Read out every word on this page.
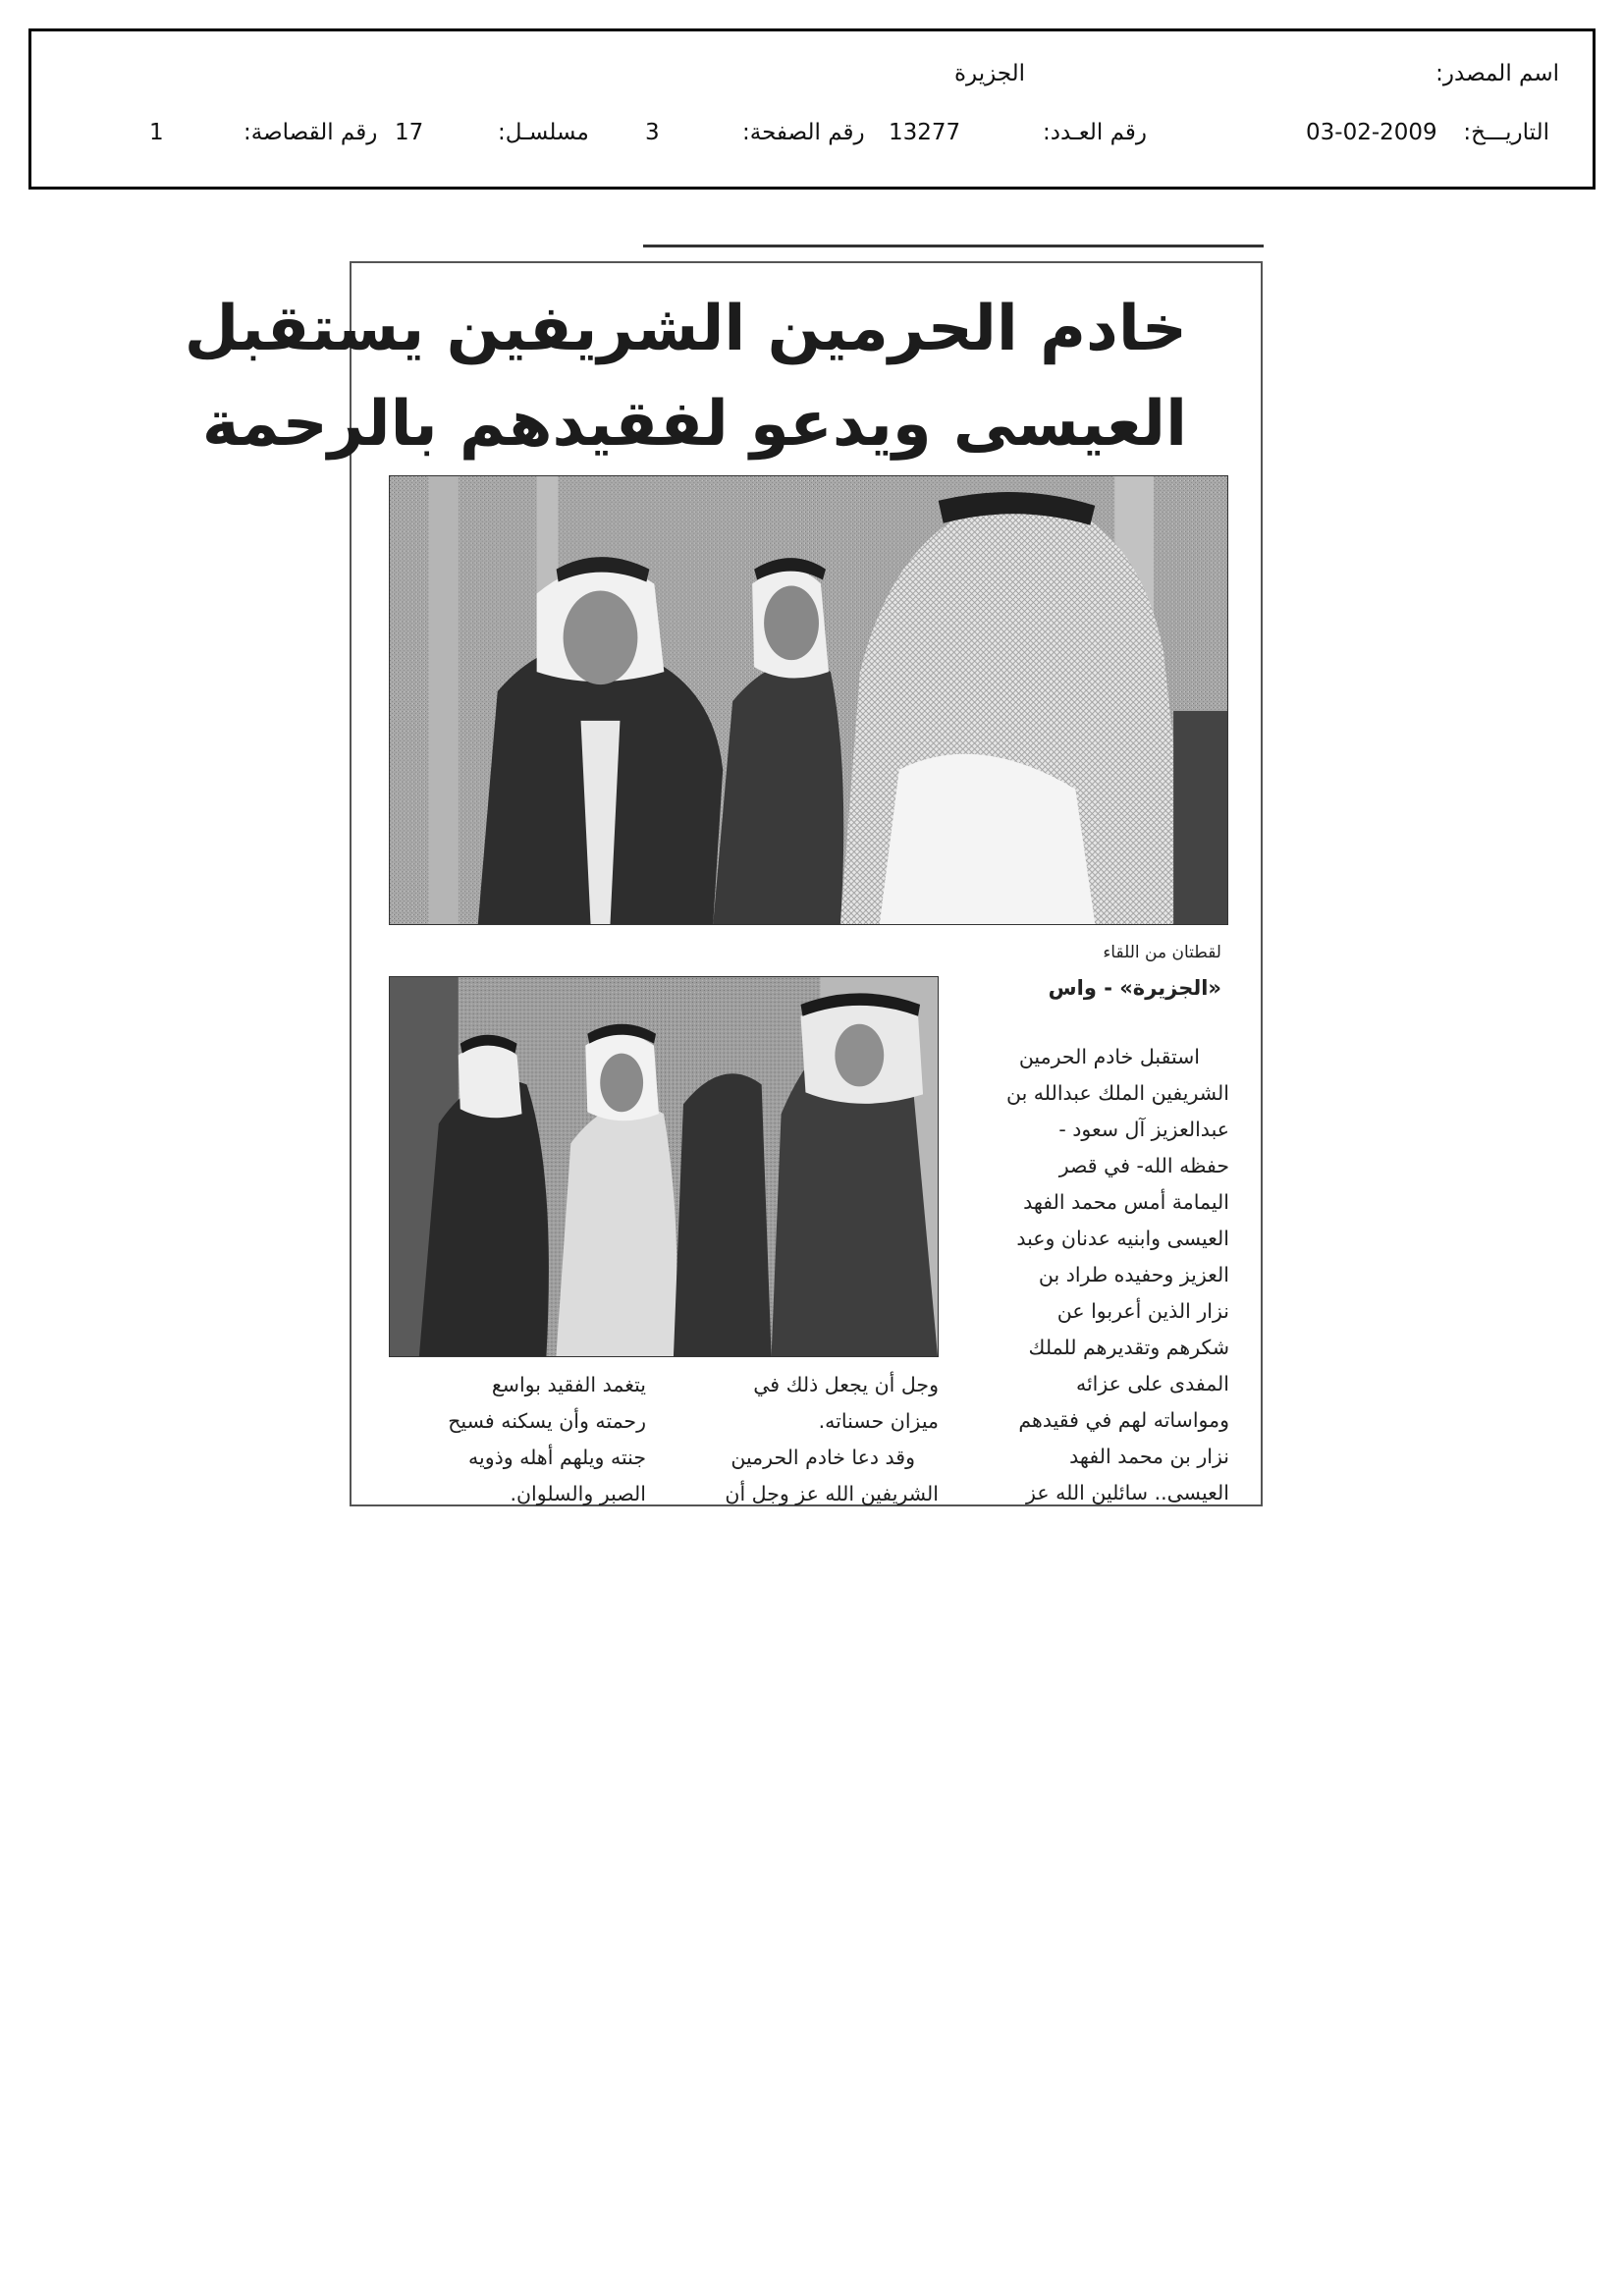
اسم المصدر:
الجزيرة
التاريـــخ:
03-02-2009
رقم العـدد:
13277
رقم الصفحة:
3
مسلسـل:
17
رقم القصاصة:
1
خادم الحرمين الشريفين يستقبل
العيسى ويدعو لفقيدهم بالرحمة
لقطتان من اللقاء
«الجزيرة» - واس
استقبل خادم الحرمين
الشريفين الملك عبدالله بن
عبدالعزيز آل سعود -
حفظه الله- في قصر
اليمامة أمس محمد الفهد
العيسى وابنيه عدنان وعبد
العزيز وحفيده طراد بن
نزار الذين أعربوا عن
شكرهم وتقديرهم للملك
المفدى على عزائه
ومواساته لهم في فقيدهم
نزار بن محمد الفهد
العيسى.. سائلين الله عز
وجل أن يجعل ذلك في
ميزان حسناته.
وقد دعا خادم الحرمين
الشريفين الله عز وجل أن
يتغمد الفقيد بواسع
رحمته وأن يسكنه فسيح
جنته ويلهم أهله وذويه
الصبر والسلوان.
